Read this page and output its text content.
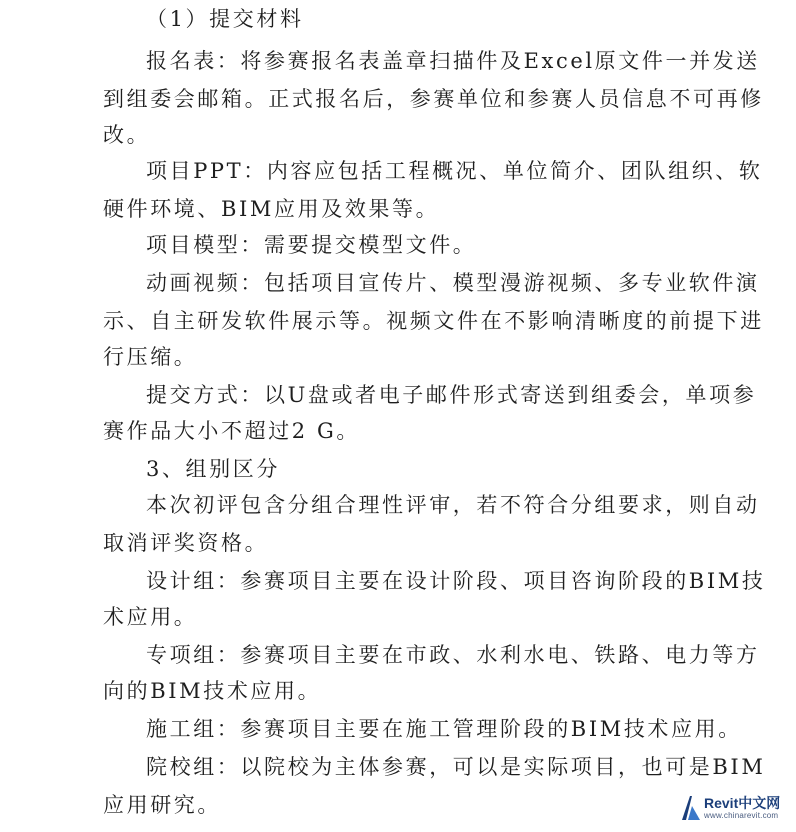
（1）提交材料
报名表：将参赛报名表盖章扫描件及Excel原文件一并发送
到组委会邮箱。正式报名后，参赛单位和参赛人员信息不可再修
改。
项目PPT：内容应包括工程概况、单位简介、团队组织、软
硬件环境、BIM应用及效果等。
项目模型：需要提交模型文件。
动画视频：包括项目宣传片、模型漫游视频、多专业软件演
示、自主研发软件展示等。视频文件在不影响清晰度的前提下进
行压缩。
提交方式：以U盘或者电子邮件形式寄送到组委会，单项参
赛作品大小不超过2 G。
3、组别区分
本次初评包含分组合理性评审，若不符合分组要求，则自动
取消评奖资格。
设计组：参赛项目主要在设计阶段、项目咨询阶段的BIM技
术应用。
专项组：参赛项目主要在市政、水利水电、铁路、电力等方
向的BIM技术应用。
施工组：参赛项目主要在施工管理阶段的BIM技术应用。
院校组：以院校为主体参赛，可以是实际项目，也可是BIM
应用研究。	Revit中文网
www.chinarevit.com
